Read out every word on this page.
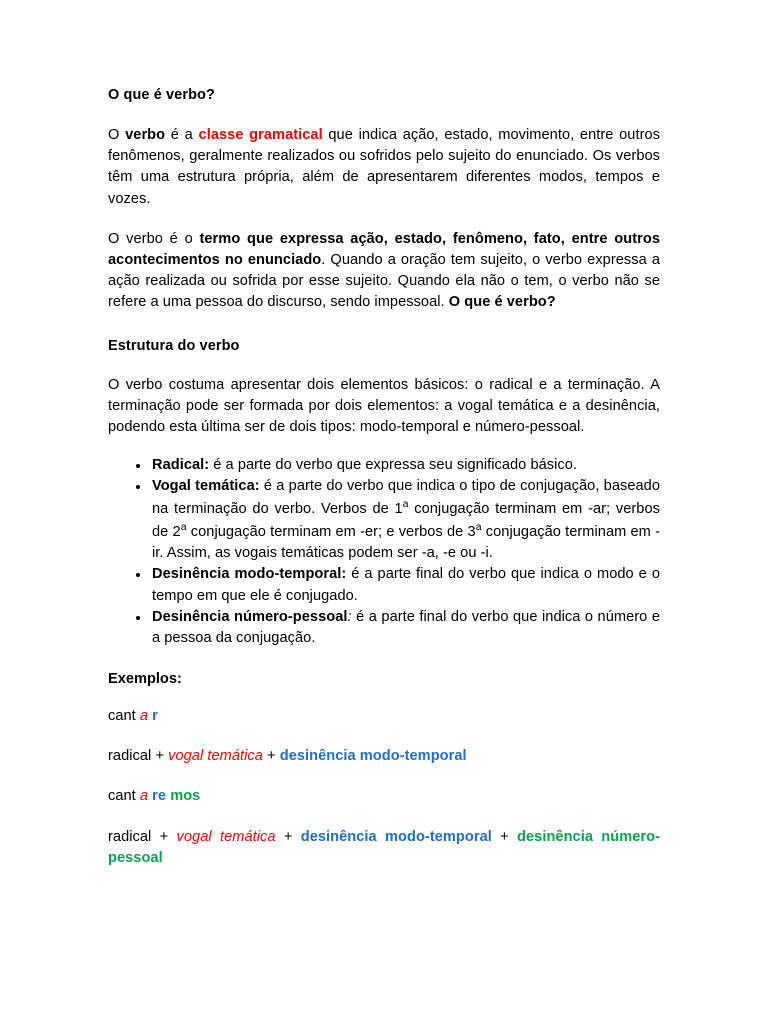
O que é verbo?

O verbo é a classe gramatical que indica ação, estado, movimento, entre outros fenômenos, geralmente realizados ou sofridos pelo sujeito do enunciado. Os verbos têm uma estrutura própria, além de apresentarem diferentes modos, tempos e vozes.

O verbo é o termo que expressa ação, estado, fenômeno, fato, entre outros acontecimentos no enunciado. Quando a oração tem sujeito, o verbo expressa a ação realizada ou sofrida por esse sujeito. Quando ela não o tem, o verbo não se refere a uma pessoa do discurso, sendo impessoal. O que é verbo?

Estrutura do verbo

O verbo costuma apresentar dois elementos básicos: o radical e a terminação. A terminação pode ser formada por dois elementos: a vogal temática e a desinência, podendo esta última ser de dois tipos: modo-temporal e número-pessoal.

Radical: é a parte do verbo que expressa seu significado básico.
Vogal temática: é a parte do verbo que indica o tipo de conjugação, baseado na terminação do verbo. Verbos de 1$^a$ conjugação terminam em -ar; verbos de 2$^a$ conjugação terminam em -er; e verbos de 3$^a$ conjugação terminam em -ir. Assim, as vogais temáticas podem ser -a, -e ou -i.
Desinência modo-temporal: é a parte final do verbo que indica o modo e o tempo em que ele é conjugado.
Desinência número-pessoal: é a parte final do verbo que indica o número e a pessoa da conjugação.
Exemplos:
cant a r
radical + vogal temática + desinência modo-temporal
cant a re mos
radical + vogal temática + desinência modo-temporal + desinência número-pessoal
